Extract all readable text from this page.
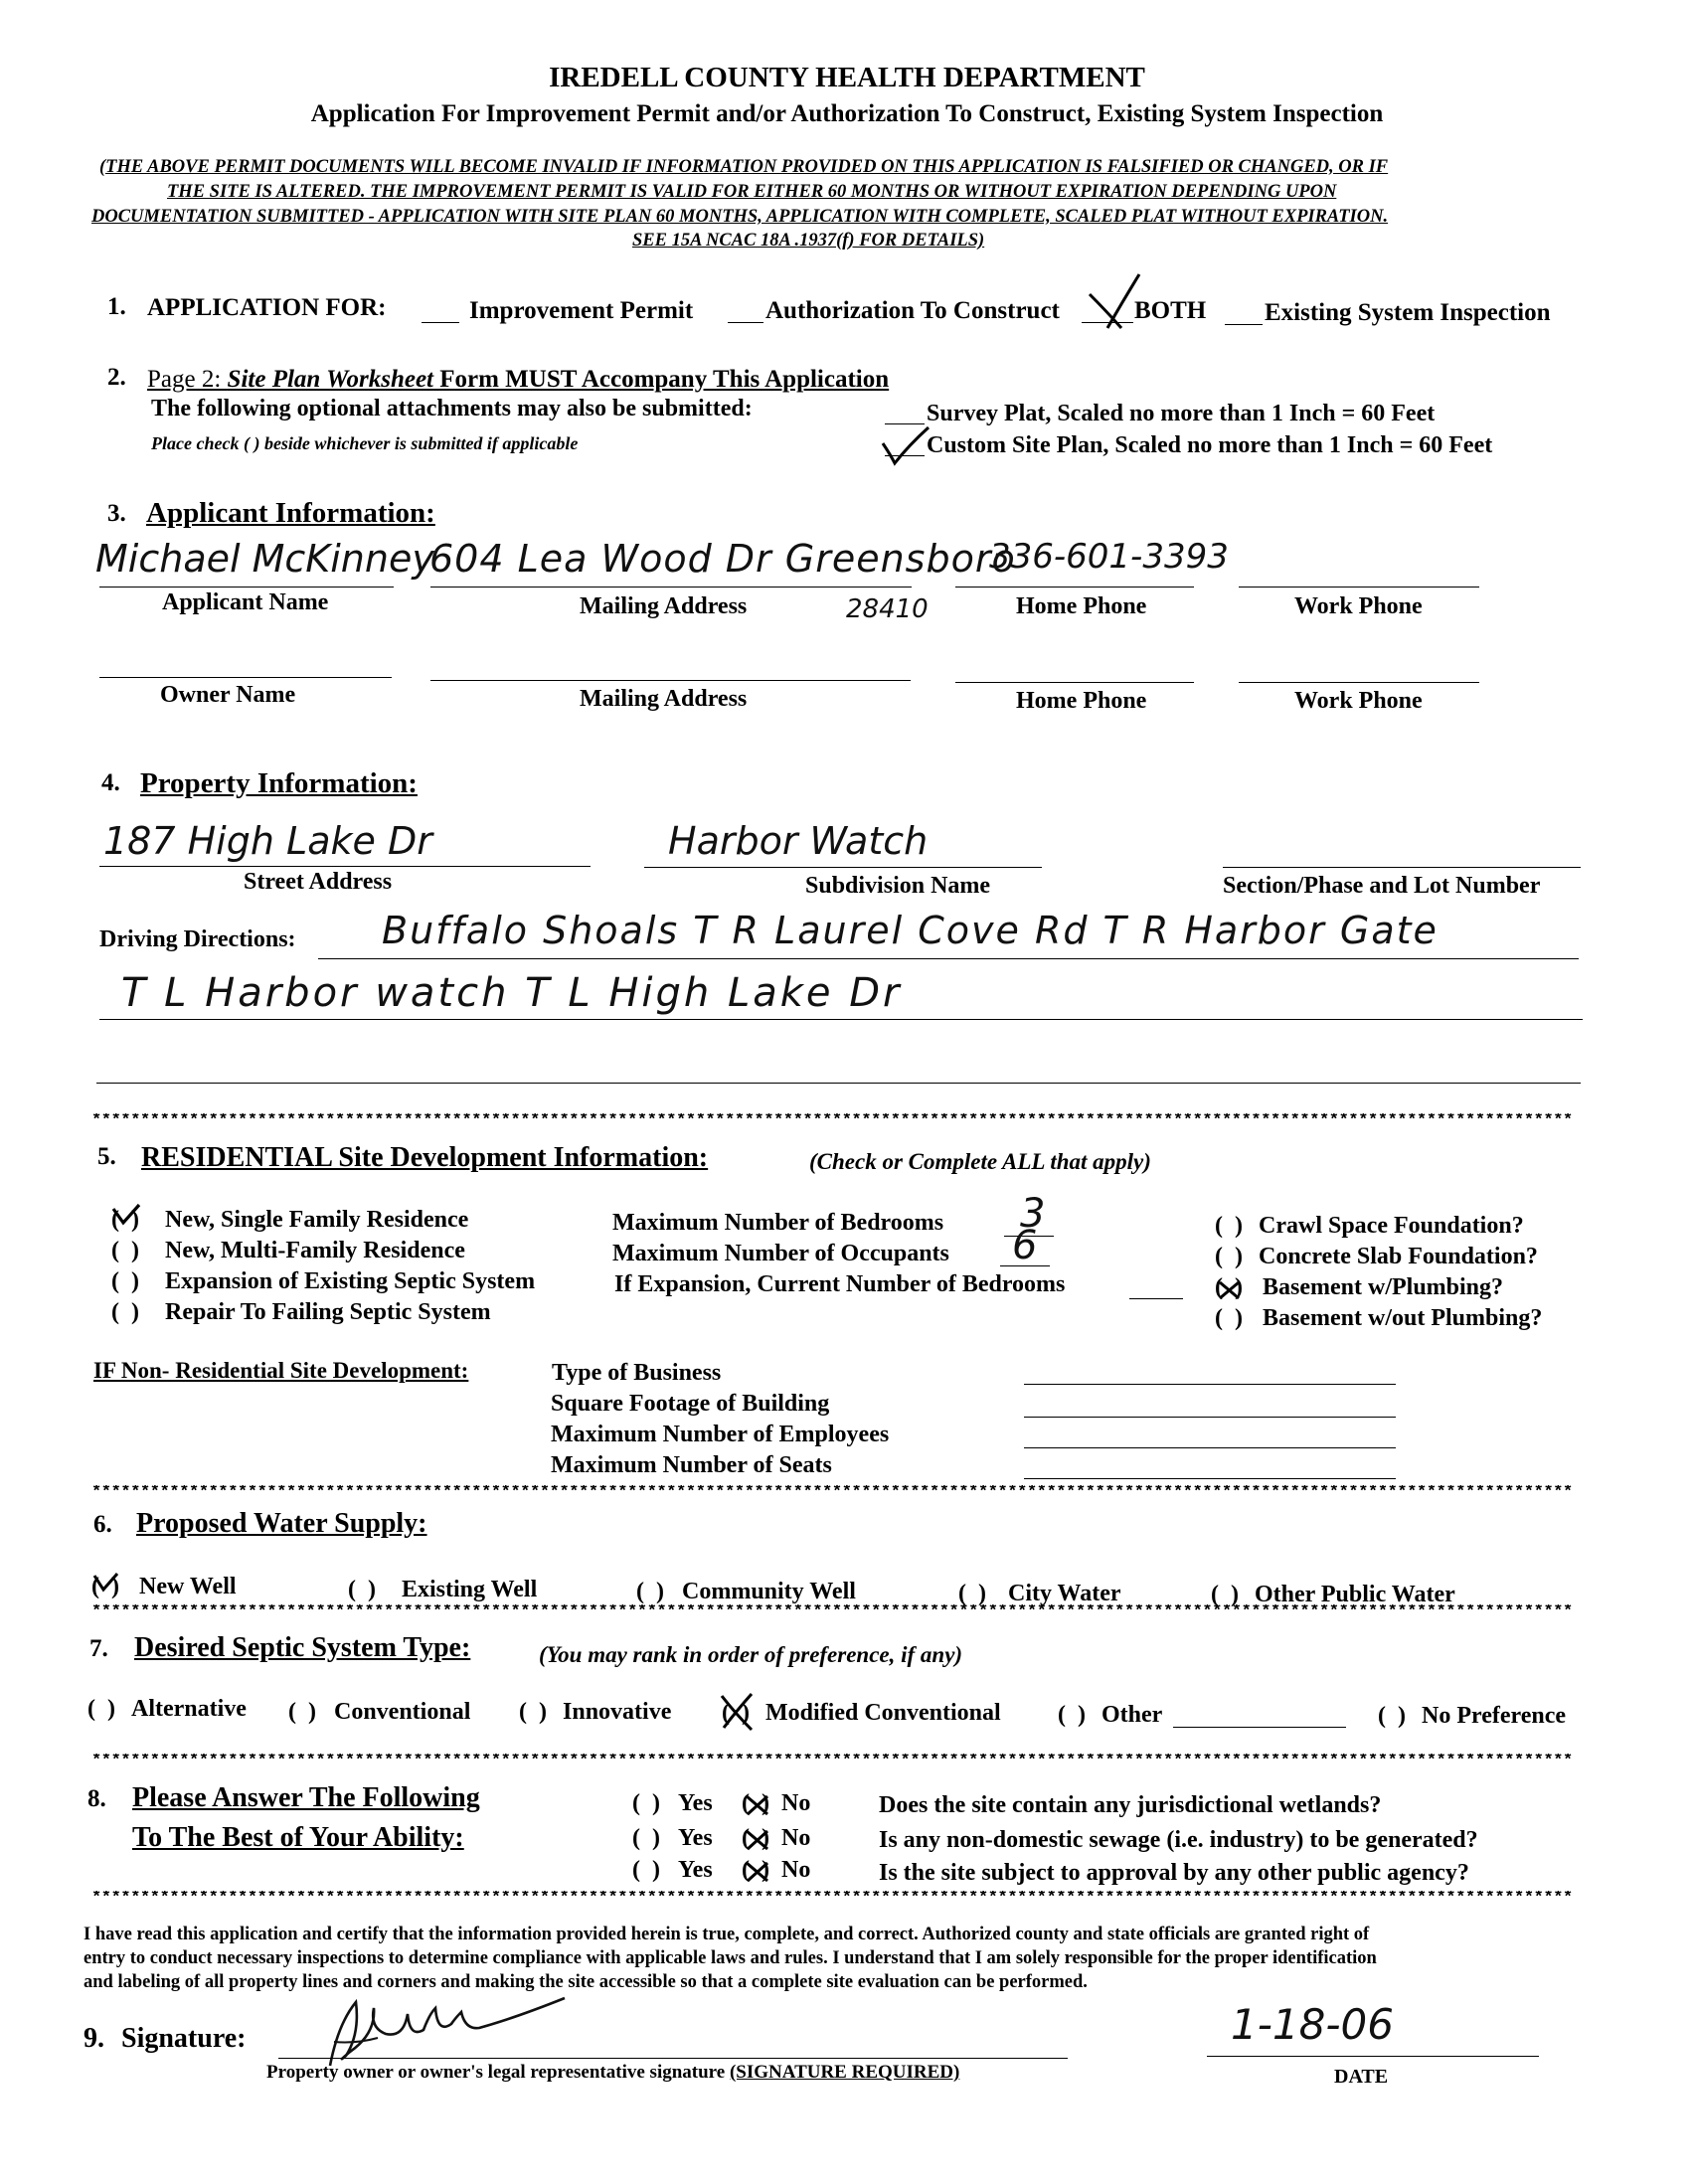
IREDELL COUNTY HEALTH DEPARTMENT
Application For Improvement Permit and/or Authorization To Construct, Existing System Inspection
(THE ABOVE PERMIT DOCUMENTS WILL BECOME INVALID IF INFORMATION PROVIDED ON THIS APPLICATION IS FALSIFIED OR CHANGED, OR IF
THE SITE IS ALTERED. THE IMPROVEMENT PERMIT IS VALID FOR EITHER 60 MONTHS OR WITHOUT EXPIRATION DEPENDING UPON
DOCUMENTATION SUBMITTED - APPLICATION WITH SITE PLAN 60 MONTHS, APPLICATION WITH COMPLETE, SCALED PLAT WITHOUT EXPIRATION.
SEE 15A NCAC 18A .1937(f) FOR DETAILS)
1. APPLICATION FOR:	Improvement Permit	Authorization To Construct	BOTH Existing System Inspection
2. Page 2: Site Plan Worksheet Form MUST Accompany This Application
The following optional attachments may also be submitted:
Place check ( ) beside whichever is submitted if applicable
Survey Plat, Scaled no more than 1 Inch = 60 Feet
Custom Site Plan, Scaled no more than 1 Inch = 60 Feet
3. Applicant Information:
Michael McKinney
604 Lea Wood Dr Greensboro
336-601-3393
28410
Applicant Name	Mailing Address	Home Phone	Work Phone
Owner Name	Mailing Address	Home Phone	Work Phone
4. Property Information:
187 High Lake Dr	Harbor Watch
Street Address	Subdivision Name	Section/Phase and Lot Number
Driving Directions: Buffalo Shoals T R Laurel Cove Rd T R Harbor Gate
T L Harbor watch T L High Lake Dr
********************************************************************************************************************************************************
5. RESIDENTIAL Site Development Information:	(Check or Complete ALL that apply)
(  ) New, Single Family Residence
(  ) New, Multi-Family Residence
(  ) Expansion of Existing Septic System
(  ) Repair To Failing Septic System
Maximum Number of Bedrooms 3
Maximum Number of Occupants 6
If Expansion, Current Number of Bedrooms
(  ) Crawl Space Foundation?
(  ) Concrete Slab Foundation?
(  ) Basement w/Plumbing?
(  ) Basement w/out Plumbing?
IF Non- Residential Site Development:	Type of Business
Square Footage of Building
Maximum Number of Employees
Maximum Number of Seats
********************************************************************************************************************************************************
6. Proposed Water Supply:
(  ) New Well	(  ) Existing Well	(  ) Community Well	(  ) City Water	(  ) Other Public Water
********************************************************************************************************************************************************
7. Desired Septic System Type:	(You may rank in order of preference, if any)
(  ) Alternative (  ) Conventional (  ) Innovative (  ) Modified Conventional (  ) Other	(  ) No Preference
********************************************************************************************************************************************************
8. Please Answer The Following
To The Best of Your Ability:
(  ) Yes (  ) No	Does the site contain any jurisdictional wetlands?
(  ) Yes (  ) No	Is any non-domestic sewage (i.e. industry) to be generated?
(  ) Yes (  ) No	Is the site subject to approval by any other public agency?
********************************************************************************************************************************************************
I have read this application and certify that the information provided herein is true, complete, and correct. Authorized county and state officials are granted right of
entry to conduct necessary inspections to determine compliance with applicable laws and rules. I understand that I am solely responsible for the proper identification
and labeling of all property lines and corners and making the site accessible so that a complete site evaluation can be performed.
9. Signature:
Property owner or owner's legal representative signature (SIGNATURE REQUIRED)
1-18-06
DATE
